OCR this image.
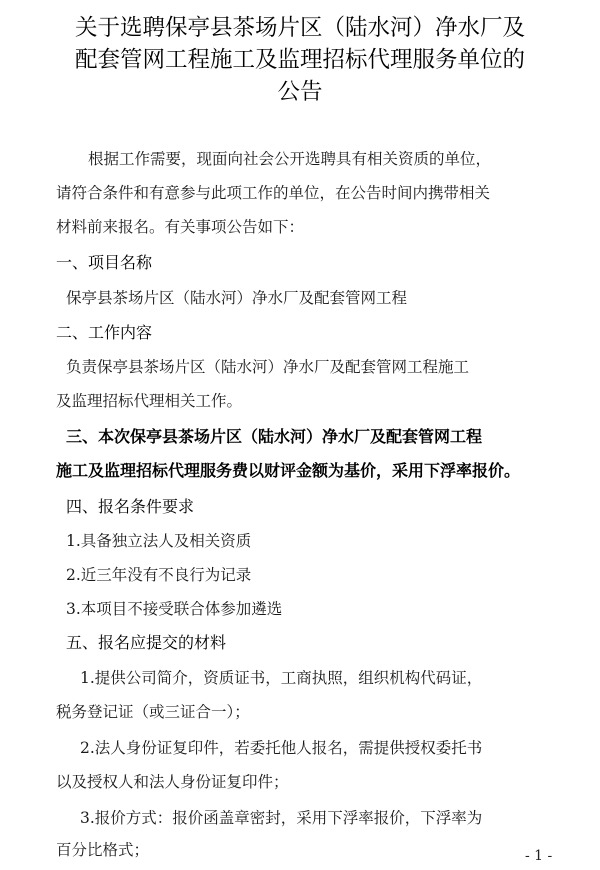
关于选聘保亭县茶场片区（陆水河）净水厂及
配套管网工程施工及监理招标代理服务单位的
公告
根据工作需要，现面向社会公开选聘具有相关资质的单位，
请符合条件和有意参与此项工作的单位，在公告时间内携带相关
材料前来报名。有关事项公告如下：
一、项目名称
保亭县茶场片区（陆水河）净水厂及配套管网工程
二、工作内容
负责保亭县茶场片区（陆水河）净水厂及配套管网工程施工
及监理招标代理相关工作。
三、本次保亭县茶场片区（陆水河）净水厂及配套管网工程
施工及监理招标代理服务费以财评金额为基价，采用下浮率报价。
四、报名条件要求
1.具备独立法人及相关资质
2.近三年没有不良行为记录
3.本项目不接受联合体参加遴选
五、报名应提交的材料
1.提供公司简介，资质证书，工商执照，组织机构代码证，
税务登记证（或三证合一）；
2.法人身份证复印件，若委托他人报名，需提供授权委托书
以及授权人和法人身份证复印件；
3.报价方式：报价函盖章密封，采用下浮率报价，下浮率为
百分比格式；	- 1 -
